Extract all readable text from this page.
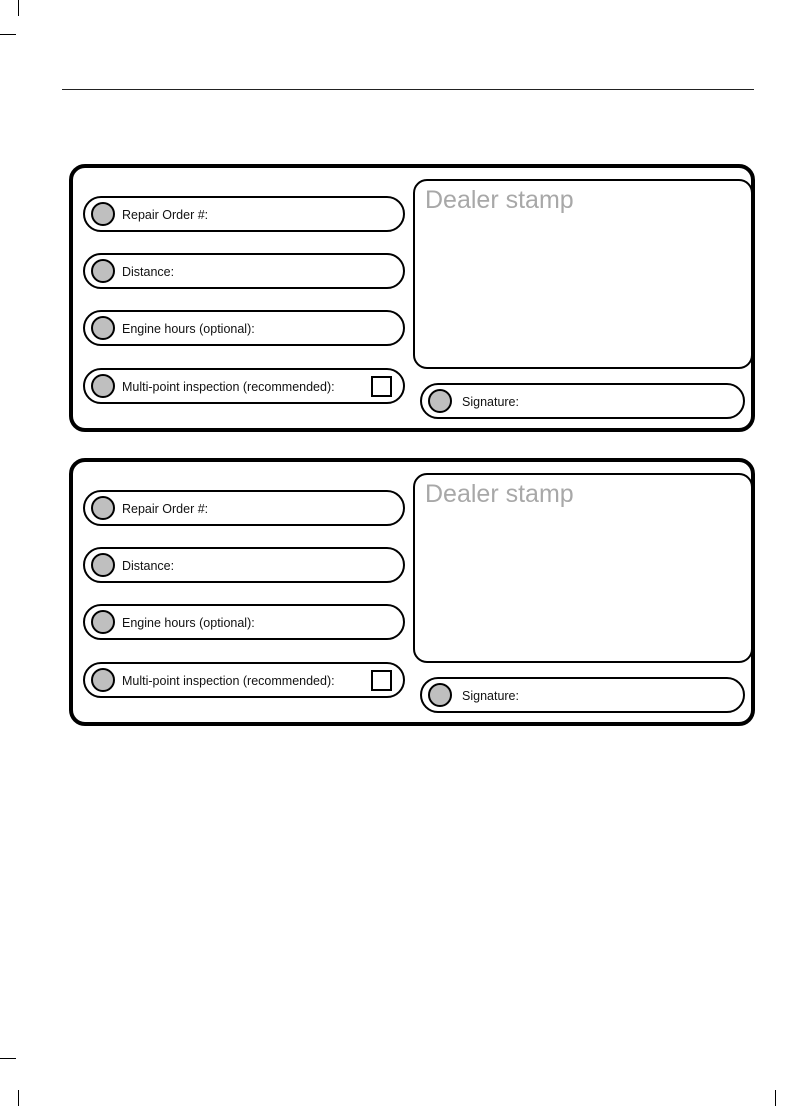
Repair Order #:
Distance:
Engine hours (optional):
Multi-point inspection (recommended):
Dealer stamp
Signature:
Repair Order #:
Distance:
Engine hours (optional):
Multi-point inspection (recommended):
Dealer stamp
Signature:
